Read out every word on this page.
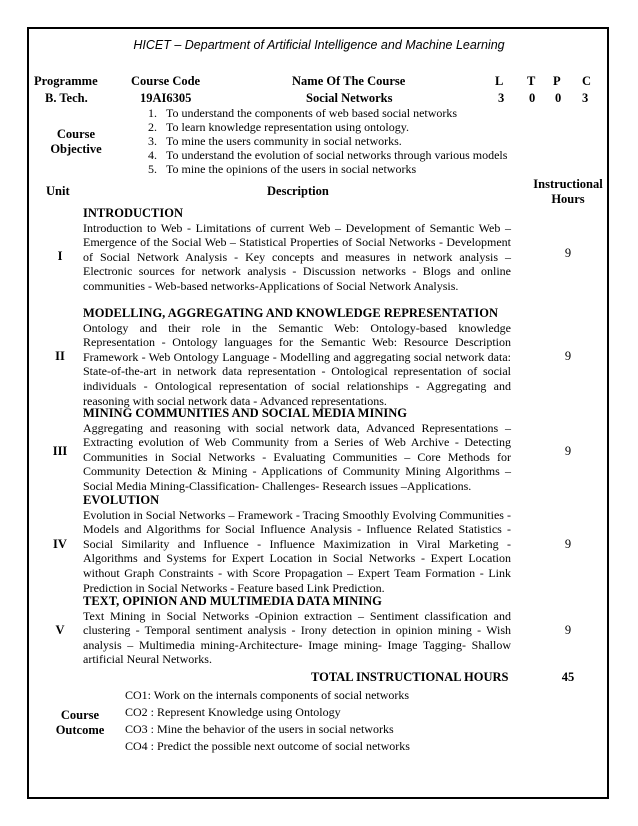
HICET – Department of Artificial Intelligence and Machine Learning
Programme	Course Code	Name Of The Course	L T P C
B. Tech.	19AI6305	Social Networks	3 0 0 3
Course
Objective
1. To understand the components of web based social networks
2. To learn knowledge representation using ontology.
3. To mine the users community in social networks.
4. To understand the evolution of social networks through various models
5. To mine the opinions of the users in social networks
Unit	Description	Instructional
Hours
I
INTRODUCTION
Introduction to Web - Limitations of current Web – Development of Semantic Web – Emergence of the Social Web – Statistical Properties of Social Networks - Development of Social Network Analysis - Key concepts and measures in network analysis – Electronic sources for network analysis - Discussion networks - Blogs and online communities - Web-based networks-Applications of Social Network Analysis.
9
II
MODELLING, AGGREGATING AND KNOWLEDGE REPRESENTATION
Ontology and their role in the Semantic Web: Ontology-based knowledge Representation - Ontology languages for the Semantic Web: Resource Description Framework - Web Ontology Language - Modelling and aggregating social network data: State-of-the-art in network data representation - Ontological representation of social individuals - Ontological representation of social relationships - Aggregating and reasoning with social network data - Advanced representations.
9
III
MINING COMMUNITIES AND SOCIAL MEDIA MINING
Aggregating and reasoning with social network data, Advanced Representations – Extracting evolution of Web Community from a Series of Web Archive - Detecting Communities in Social Networks - Evaluating Communities – Core Methods for Community Detection & Mining - Applications of Community Mining Algorithms – Social Media Mining-Classification- Challenges- Research issues –Applications.
9
IV
EVOLUTION
Evolution in Social Networks – Framework - Tracing Smoothly Evolving Communities - Models and Algorithms for Social Influence Analysis - Influence Related Statistics - Social Similarity and Influence - Influence Maximization in Viral Marketing - Algorithms and Systems for Expert Location in Social Networks - Expert Location without Graph Constraints - with Score Propagation – Expert Team Formation - Link Prediction in Social Networks - Feature based Link Prediction.
9
V
TEXT, OPINION AND MULTIMEDIA DATA MINING
Text Mining in Social Networks -Opinion extraction – Sentiment classification and clustering - Temporal sentiment analysis - Irony detection in opinion mining - Wish analysis – Multimedia mining-Architecture- Image mining- Image Tagging- Shallow artificial Neural Networks.
9
TOTAL INSTRUCTIONAL HOURS	45
Course
Outcome
CO1: Work on the internals components of social networks
CO2 : Represent Knowledge using Ontology
CO3 : Mine the behavior of the users in social networks
CO4 : Predict the possible next outcome of social networks
